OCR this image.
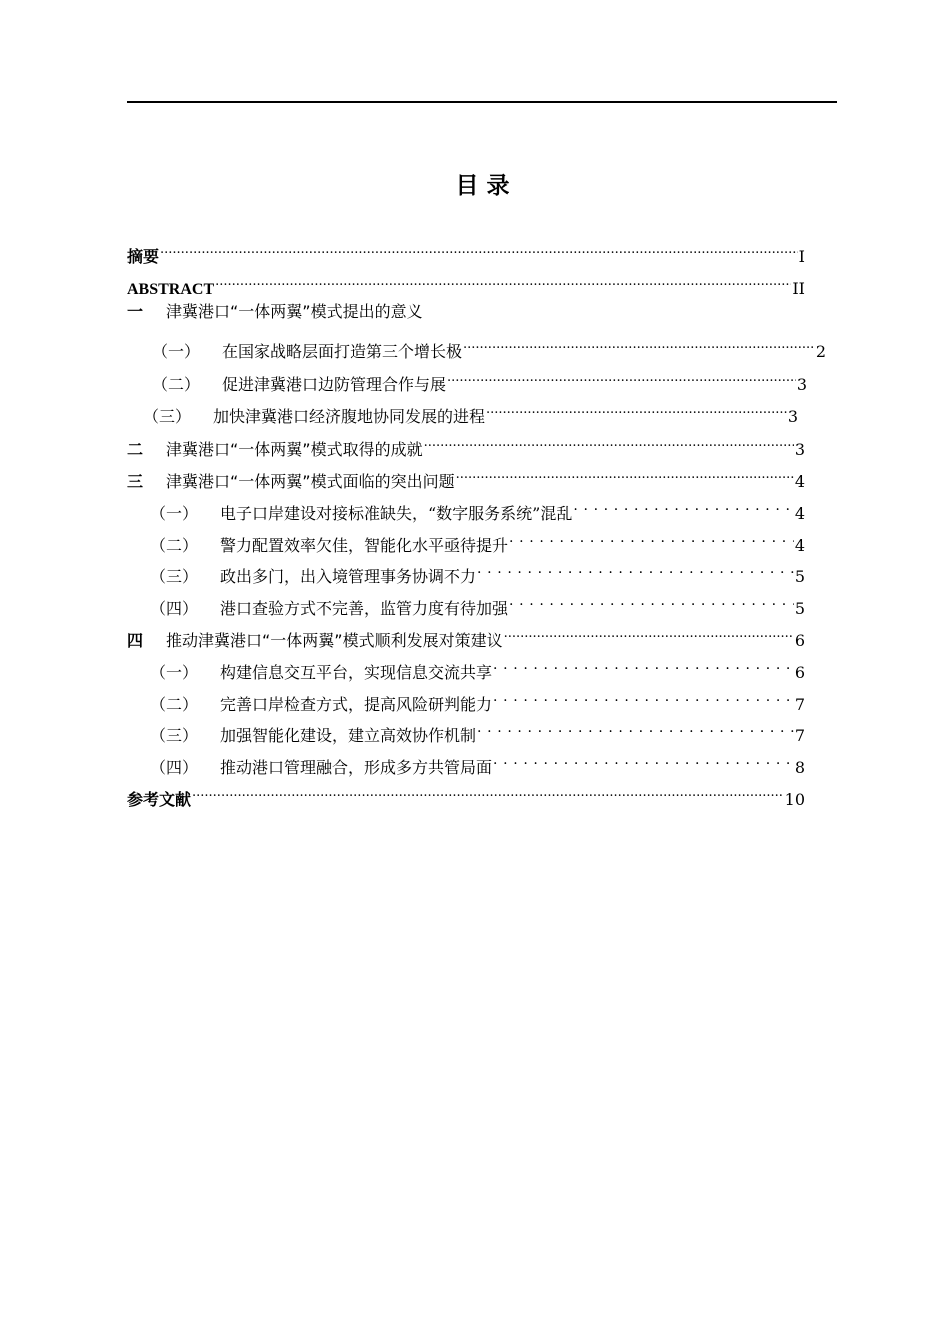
目 录
摘要 .....	I
ABSTRACT .....	II
一	津冀港口“一体两翼”模式提出的意义
（一）	在国家战略层面打造第三个增长极 .....	2
（二）	促进津冀港口边防管理合作与展 .....	3
（三）	加快津冀港口经济腹地协同发展的进程 .....	3
二	津冀港口“一体两翼”模式取得的成就 .....	3
三	津冀港口“一体两翼”模式面临的突出问题 .....	4
（一）	电子口岸建设对接标准缺失，“数字服务系统”混乱 . . .	4
（二）	警力配置效率欠佳，智能化水平亟待提升 . . .	4
（三）	政出多门，出入境管理事务协调不力 . . .	5
（四）	港口查验方式不完善，监管力度有待加强 . . .	5
四	推动津冀港口“一体两翼”模式顺利发展对策建议 .....	6
（一）	构建信息交互平台，实现信息交流共享 . . .	6
（二）	完善口岸检查方式，提高风险研判能力 . . .	7
（三）	加强智能化建设，建立高效协作机制 . . .	7
（四）	推动港口管理融合，形成多方共管局面 . . .	8
参考文献 .....	10
